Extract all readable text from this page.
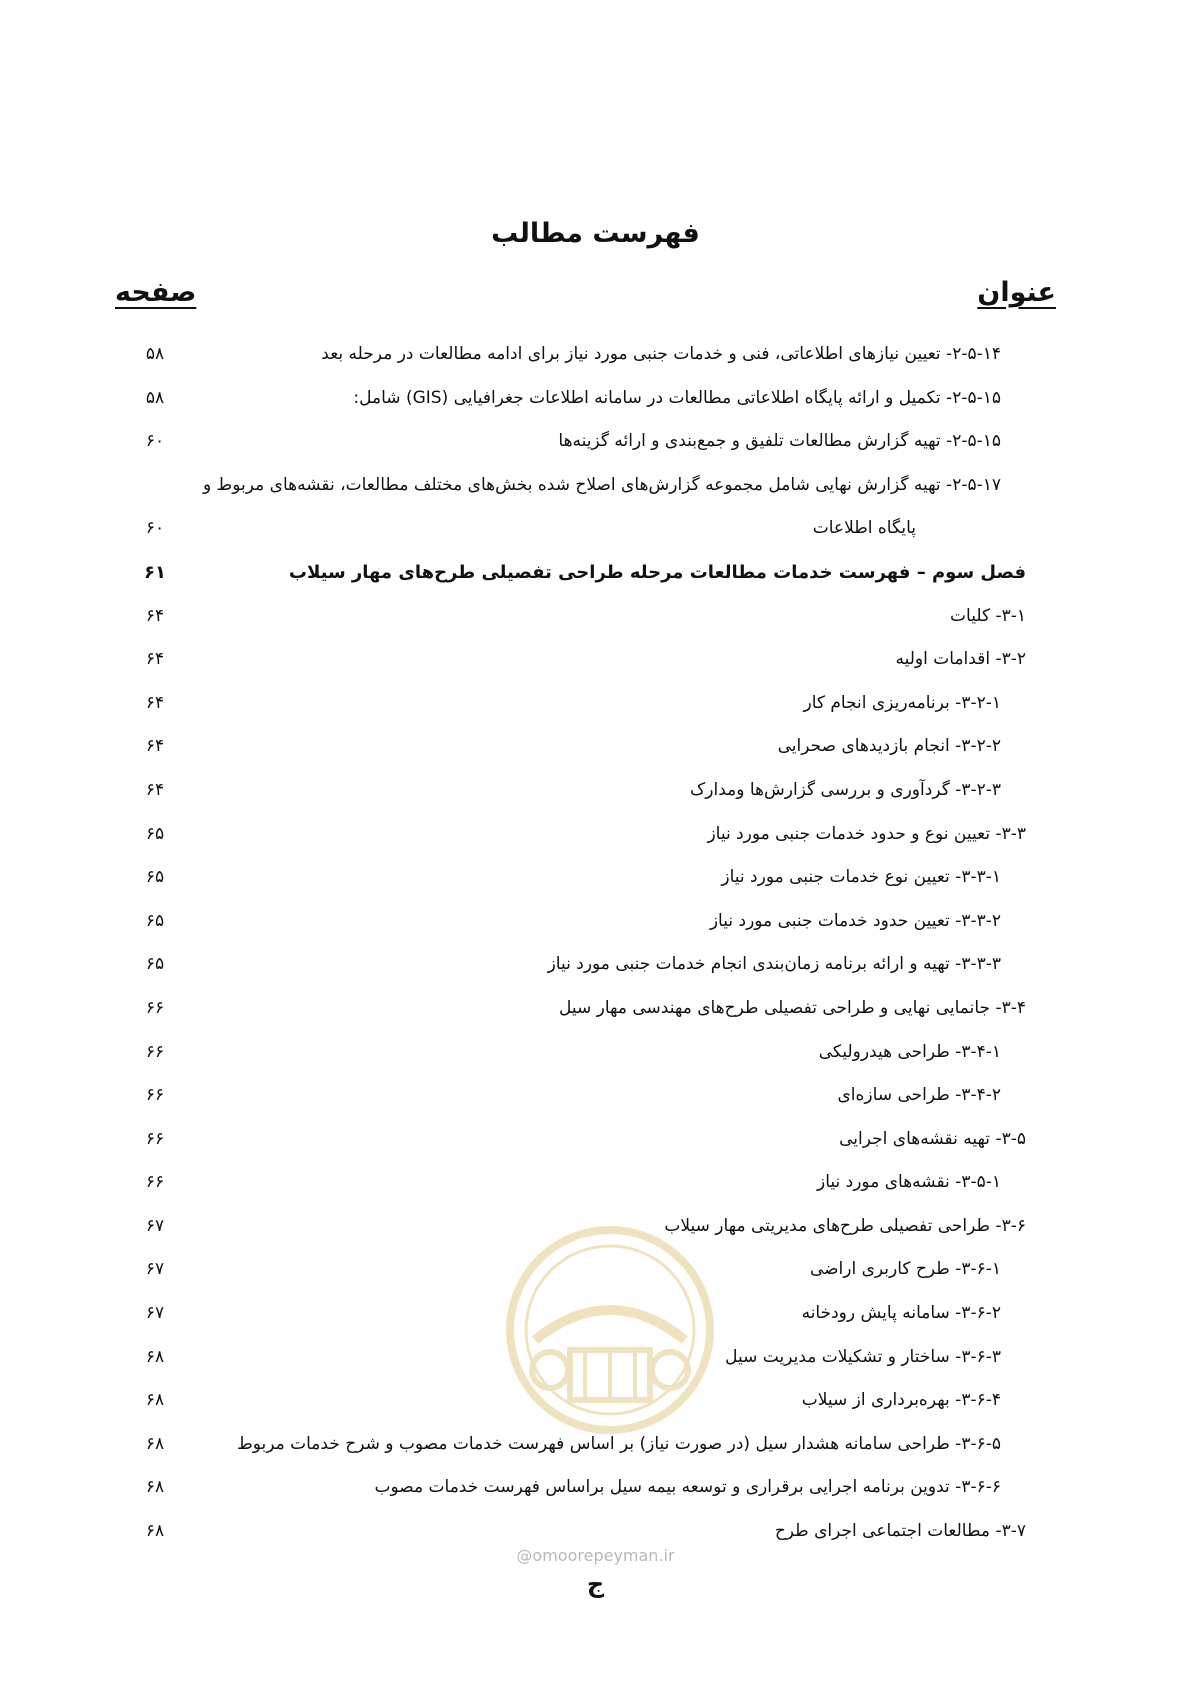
فهرست مطالب
عنوان
صفحه
۲-۵-۱۴- تعیین نیازهای اطلاعاتی، فنی و خدمات جنبی مورد نیاز برای ادامه مطالعات در مرحله بعد
۵۸
۲-۵-۱۵- تکمیل و ارائه پایگاه اطلاعاتی مطالعات در سامانه اطلاعات جغرافیایی (GIS) شامل:
۵۸
۲-۵-۱۵- تهیه گزارش مطالعات تلفیق و جمع‌بندی و ارائه گزینه‌ها
۶۰
۲-۵-۱۷- تهیه گزارش نهایی شامل مجموعه گزارش‌های اصلاح شده بخش‌های مختلف مطالعات، نقشه‌های مربوط و
پایگاه اطلاعات
۶۰
فصل سوم – فهرست خدمات مطالعات مرحله طراحی تفصیلی طرح‌های مهار سیلاب
۶۱
۳-۱- کلیات
۶۴
۳-۲- اقدامات اولیه
۶۴
۳-۲-۱- برنامه‌ریزی انجام کار
۶۴
۳-۲-۲- انجام بازدیدهای صحرایی
۶۴
۳-۲-۳- گردآوری و بررسی گزارش‌ها ومدارک
۶۴
۳-۳- تعیین نوع و حدود خدمات جنبی مورد نیاز
۶۵
۳-۳-۱- تعیین نوع خدمات جنبی مورد نیاز
۶۵
۳-۳-۲- تعیین حدود خدمات جنبی مورد نیاز
۶۵
۳-۳-۳- تهیه و ارائه برنامه زمان‌بندی انجام خدمات جنبی مورد نیاز
۶۵
۳-۴- جانمایی نهایی و طراحی تفصیلی طرح‌های مهندسی مهار سیل
۶۶
۳-۴-۱- طراحی هیدرولیکی
۶۶
۳-۴-۲- طراحی سازه‌ای
۶۶
۳-۵- تهیه نقشه‌های اجرایی
۶۶
۳-۵-۱- نقشه‌های مورد نیاز
۶۶
۳-۶- طراحی تفصیلی طرح‌های مدیریتی مهار سیلاب
۶۷
۳-۶-۱- طرح کاربری اراضی
۶۷
۳-۶-۲- سامانه پایش رودخانه
۶۷
۳-۶-۳- ساختار و تشکیلات مدیریت سیل
۶۸
۳-۶-۴- بهره‌برداری از سیلاب
۶۸
۳-۶-۵- طراحی سامانه هشدار سیل (در صورت نیاز) بر اساس فهرست خدمات مصوب و شرح خدمات مربوط
۶۸
۳-۶-۶- تدوین برنامه اجرایی برقراری و توسعه بیمه سیل براساس فهرست خدمات مصوب
۶۸
۳-۷- مطالعات اجتماعی اجرای طرح
۶۸
@omoorepeyman.ir
ج
